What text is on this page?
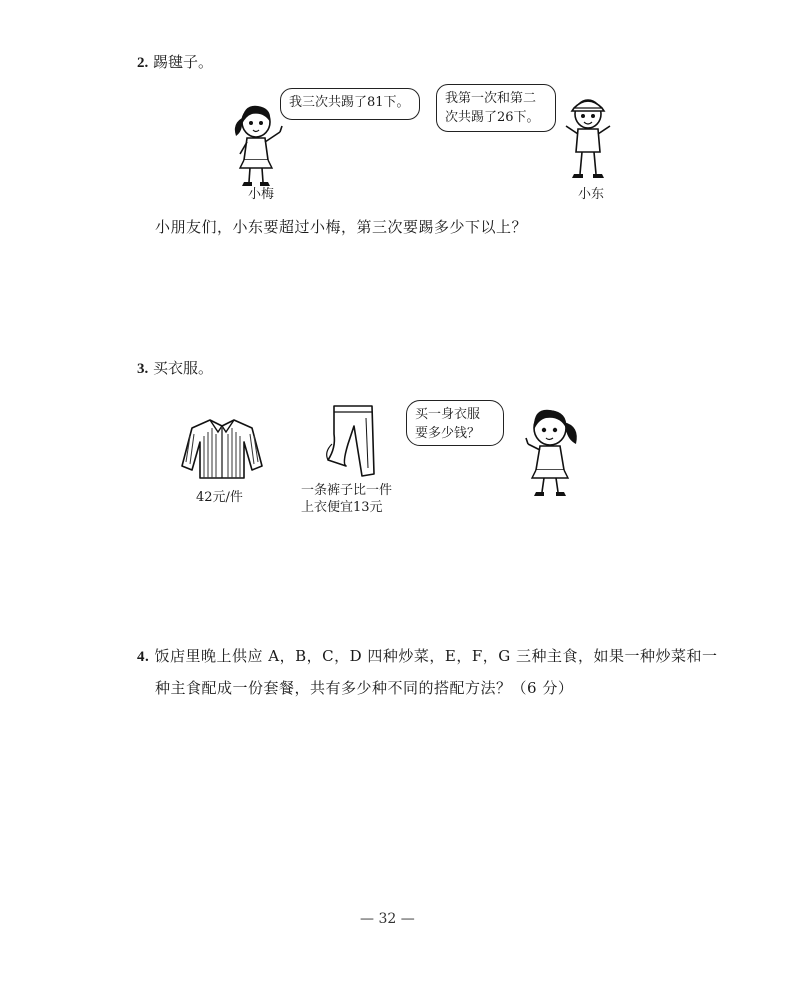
2. 踢毽子。
我三次共踢了81下。
小梅
我第一次和第二
次共踢了26下。
小东
小朋友们，小东要超过小梅，第三次要踢多少下以上？
3. 买衣服。
42元/件	一条裤子比一件
上衣便宜13元
买一身衣服
要多少钱？
4. 饭店里晚上供应 A，B，C，D 四种炒菜，E，F，G 三种主食，如果一种炒菜和一
种主食配成一份套餐，共有多少种不同的搭配方法？（6 分）
— 32 —
